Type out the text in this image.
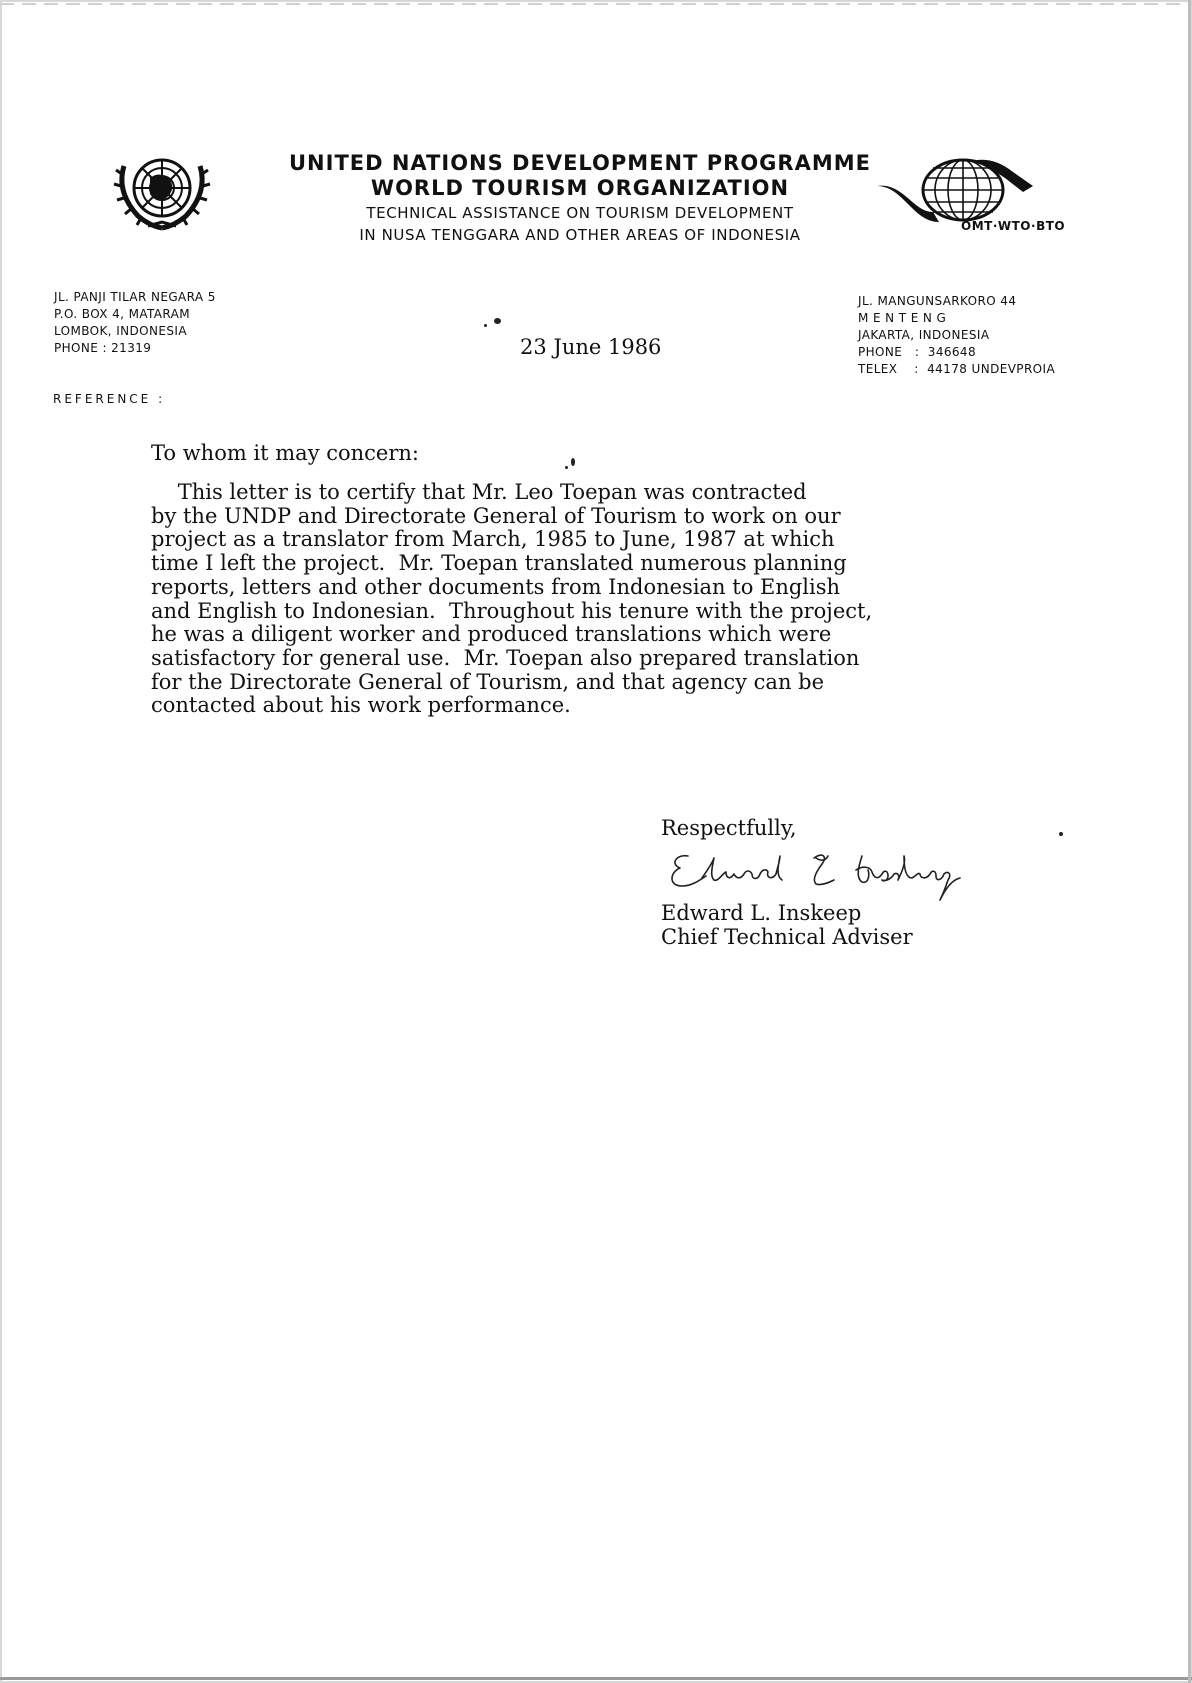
UNITED NATIONS DEVELOPMENT PROGRAMME
WORLD TOURISM ORGANIZATION
TECHNICAL ASSISTANCE ON TOURISM DEVELOPMENT
IN NUSA TENGGARA AND OTHER AREAS OF INDONESIA	OMT·WTO·BTO
JL. PANJI TILAR NEGARA 5
P.O. BOX 4, MATARAM
LOMBOK, INDONESIA
PHONE : 21319
JL. MANGUNSARKORO 44
M E N T E N G
JAKARTA, INDONESIA
PHONE   :  346648
TELEX    :  44178 UNDEVPROIA
REFERENCE :
23 June 1986
To whom it may concern:
This letter is to certify that Mr. Leo Toepan was contracted
by the UNDP and Directorate General of Tourism to work on our
project as a translator from March, 1985 to June, 1987 at which
time I left the project.  Mr. Toepan translated numerous planning
reports, letters and other documents from Indonesian to English
and English to Indonesian.  Throughout his tenure with the project,
he was a diligent worker and produced translations which were
satisfactory for general use.  Mr. Toepan also prepared translation
for the Directorate General of Tourism, and that agency can be
contacted about his work performance.
Respectfully,
Edward L. Inskeep
Chief Technical Adviser
